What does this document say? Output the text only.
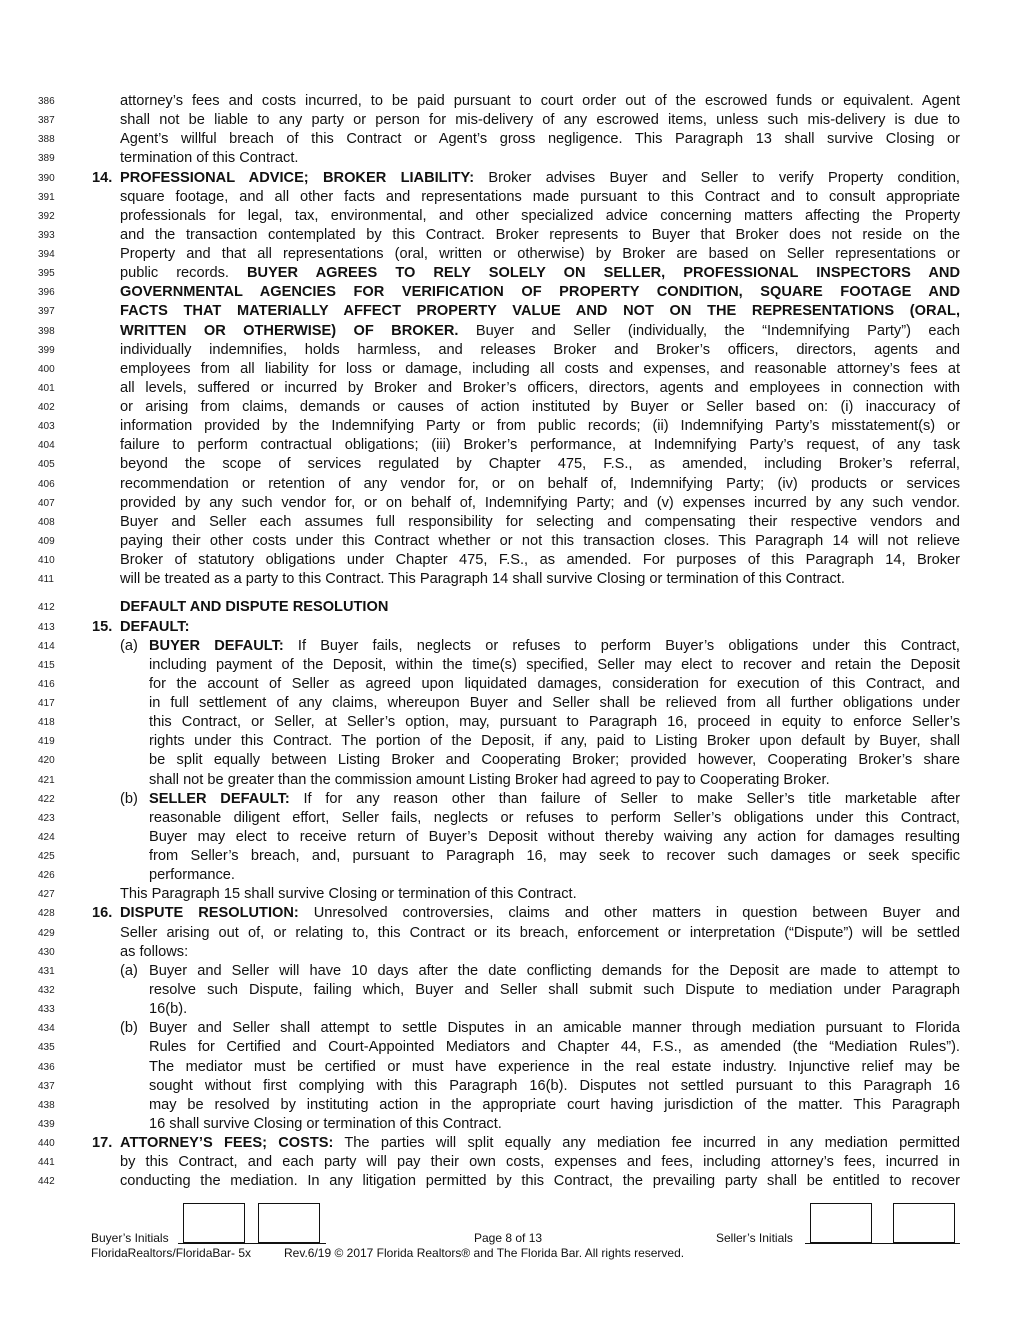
386	attorney’s fees and costs incurred, to be paid pursuant to court order out of the escrowed funds or equivalent. Agent
387	shall not be liable to any party or person for mis-delivery of any escrowed items, unless such mis-delivery is due to
388	Agent’s willful breach of this Contract or Agent’s gross negligence. This Paragraph 13 shall survive Closing or
389	termination of this Contract.
390	14. PROFESSIONAL ADVICE; BROKER LIABILITY: Broker advises Buyer and Seller to verify Property condition,
391	square footage, and all other facts and representations made pursuant to this Contract and to consult appropriate
392	professionals for legal, tax, environmental, and other specialized advice concerning matters affecting the Property
393	and the transaction contemplated by this Contract. Broker represents to Buyer that Broker does not reside on the
394	Property and that all representations (oral, written or otherwise) by Broker are based on Seller representations or
395	public records. BUYER AGREES TO RELY SOLELY ON SELLER, PROFESSIONAL INSPECTORS AND
396	GOVERNMENTAL AGENCIES FOR VERIFICATION OF PROPERTY CONDITION, SQUARE FOOTAGE AND
397	FACTS THAT MATERIALLY AFFECT PROPERTY VALUE AND NOT ON THE REPRESENTATIONS (ORAL,
398	WRITTEN OR OTHERWISE) OF BROKER. Buyer and Seller (individually, the “Indemnifying Party”) each
399	individually indemnifies, holds harmless, and releases Broker and Broker’s officers, directors, agents and
400	employees from all liability for loss or damage, including all costs and expenses, and reasonable attorney’s fees at
401	all levels, suffered or incurred by Broker and Broker’s officers, directors, agents and employees in connection with
402	or arising from claims, demands or causes of action instituted by Buyer or Seller based on: (i) inaccuracy of
403	information provided by the Indemnifying Party or from public records; (ii) Indemnifying Party’s misstatement(s) or
404	failure to perform contractual obligations; (iii) Broker’s performance, at Indemnifying Party’s request, of any task
405	beyond the scope of services regulated by Chapter 475, F.S., as amended, including Broker’s referral,
406	recommendation or retention of any vendor for, or on behalf of, Indemnifying Party; (iv) products or services
407	provided by any such vendor for, or on behalf of, Indemnifying Party; and (v) expenses incurred by any such vendor.
408	Buyer and Seller each assumes full responsibility for selecting and compensating their respective vendors and
409	paying their other costs under this Contract whether or not this transaction closes. This Paragraph 14 will not relieve
410	Broker of statutory obligations under Chapter 475, F.S., as amended. For purposes of this Paragraph 14, Broker
411	will be treated as a party to this Contract. This Paragraph 14 shall survive Closing or termination of this Contract.
412	DEFAULT AND DISPUTE RESOLUTION
413	15. DEFAULT:
414	(a) BUYER DEFAULT: If Buyer fails, neglects or refuses to perform Buyer’s obligations under this Contract,
415	including payment of the Deposit, within the time(s) specified, Seller may elect to recover and retain the Deposit
416	for the account of Seller as agreed upon liquidated damages, consideration for execution of this Contract, and
417	in full settlement of any claims, whereupon Buyer and Seller shall be relieved from all further obligations under
418	this Contract, or Seller, at Seller’s option, may, pursuant to Paragraph 16, proceed in equity to enforce Seller’s
419	rights under this Contract. The portion of the Deposit, if any, paid to Listing Broker upon default by Buyer, shall
420	be split equally between Listing Broker and Cooperating Broker; provided however, Cooperating Broker’s share
421	shall not be greater than the commission amount Listing Broker had agreed to pay to Cooperating Broker.
422	(b) SELLER DEFAULT: If for any reason other than failure of Seller to make Seller’s title marketable after
423	reasonable diligent effort, Seller fails, neglects or refuses to perform Seller’s obligations under this Contract,
424	Buyer may elect to receive return of Buyer’s Deposit without thereby waiving any action for damages resulting
425	from Seller’s breach, and, pursuant to Paragraph 16, may seek to recover such damages or seek specific
426	performance.
427	This Paragraph 15 shall survive Closing or termination of this Contract.
428	16. DISPUTE RESOLUTION: Unresolved controversies, claims and other matters in question between Buyer and
429	Seller arising out of, or relating to, this Contract or its breach, enforcement or interpretation (“Dispute”) will be settled
430	as follows:
431	(a) Buyer and Seller will have 10 days after the date conflicting demands for the Deposit are made to attempt to
432	resolve such Dispute, failing which, Buyer and Seller shall submit such Dispute to mediation under Paragraph
433	16(b).
434	(b) Buyer and Seller shall attempt to settle Disputes in an amicable manner through mediation pursuant to Florida
435	Rules for Certified and Court-Appointed Mediators and Chapter 44, F.S., as amended (the “Mediation Rules”).
436	The mediator must be certified or must have experience in the real estate industry. Injunctive relief may be
437	sought without first complying with this Paragraph 16(b). Disputes not settled pursuant to this Paragraph 16
438	may be resolved by instituting action in the appropriate court having jurisdiction of the matter. This Paragraph
439	16 shall survive Closing or termination of this Contract.
440	17. ATTORNEY’S FEES; COSTS: The parties will split equally any mediation fee incurred in any mediation permitted
441	by this Contract, and each party will pay their own costs, expenses and fees, including attorney’s fees, incurred in
442	conducting the mediation. In any litigation permitted by this Contract, the prevailing party shall be entitled to recover
Buyer’s Initials	Page 8 of 13	Seller’s Initials
FloridaRealtors/FloridaBar- 5x	Rev.6/19 © 2017 Florida Realtors® and The Florida Bar. All rights reserved.
